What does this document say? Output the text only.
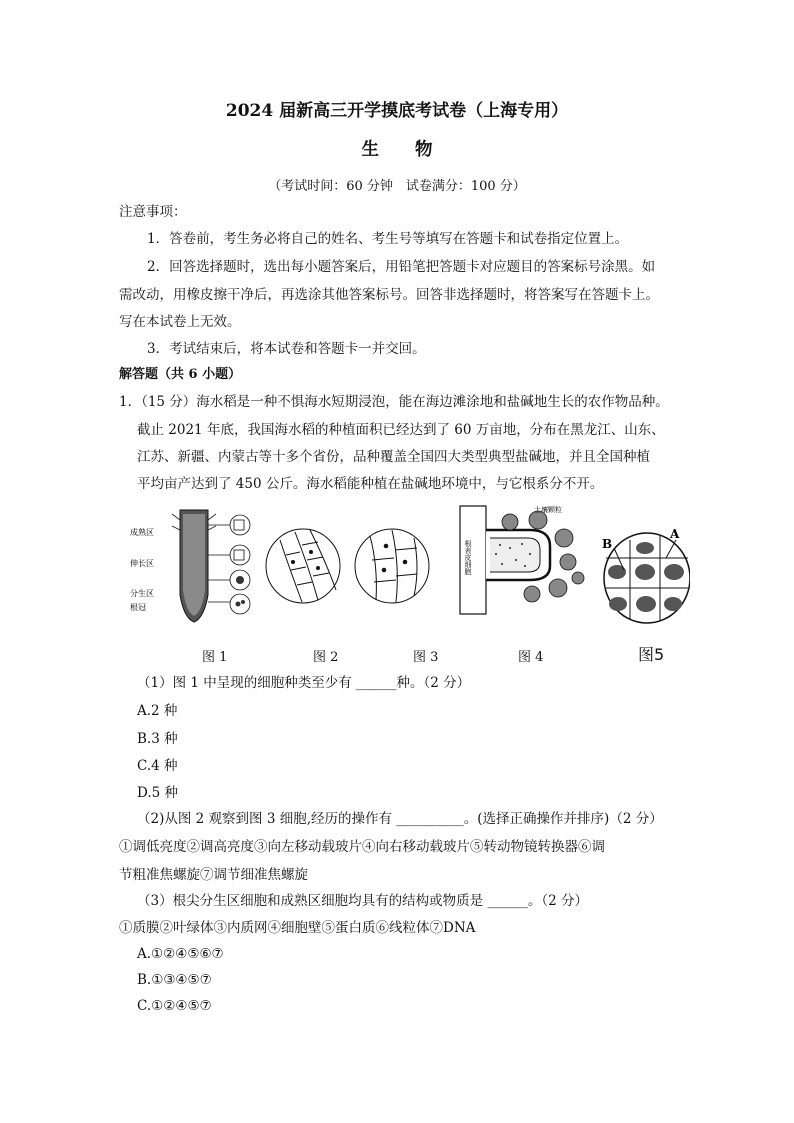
2024 届新高三开学摸底考试卷（上海专用）
生物
（考试时间：60 分钟　试卷满分：100 分）
注意事项：
1．答卷前，考生务必将自己的姓名、考生号等填写在答题卡和试卷指定位置上。
2．回答选择题时，选出每小题答案后，用铅笔把答题卡对应题目的答案标号涂黑。如
需改动，用橡皮擦干净后，再选涂其他答案标号。回答非选择题时，将答案写在答题卡上。
写在本试卷上无效。
3．考试结束后，将本试卷和答题卡一并交回。
解答题（共 6 小题）
1．（15 分）海水稻是一种不惧海水短期浸泡，能在海边滩涂地和盐碱地生长的农作物品种。
截止 2021 年底，我国海水稻的种植面积已经达到了 60 万亩地，分布在黑龙江、山东、
江苏、新疆、内蒙古等十多个省份，品种覆盖全国四大类型典型盐碱地，并且全国种植
平均亩产达到了 450 公斤。海水稻能种植在盐碱地环境中，与它根系分不开。
成熟区
伸长区
分生区
根冠
土壤颗粒
根表皮细胞	B
A
图 1	图 2	图 3	图 4	图5
（1）图 1 中呈现的细胞种类至少有 ______种。（2 分）
A.2 种
B.3 种
C.4 种
D.5 种
（2)从图 2 观察到图 3 细胞,经历的操作有 __________。(选择正确操作并排序)（2 分）
①调低亮度②调高亮度③向左移动载玻片④向右移动载玻片⑤转动物镜转换器⑥调
节粗准焦螺旋⑦调节细准焦螺旋
（3）根尖分生区细胞和成熟区细胞均具有的结构或物质是 ______。（2 分）
①质膜②叶绿体③内质网④细胞壁⑤蛋白质⑥线粒体⑦DNA
A.①②④⑤⑥⑦
B.①③④⑤⑦
C.①②④⑤⑦
